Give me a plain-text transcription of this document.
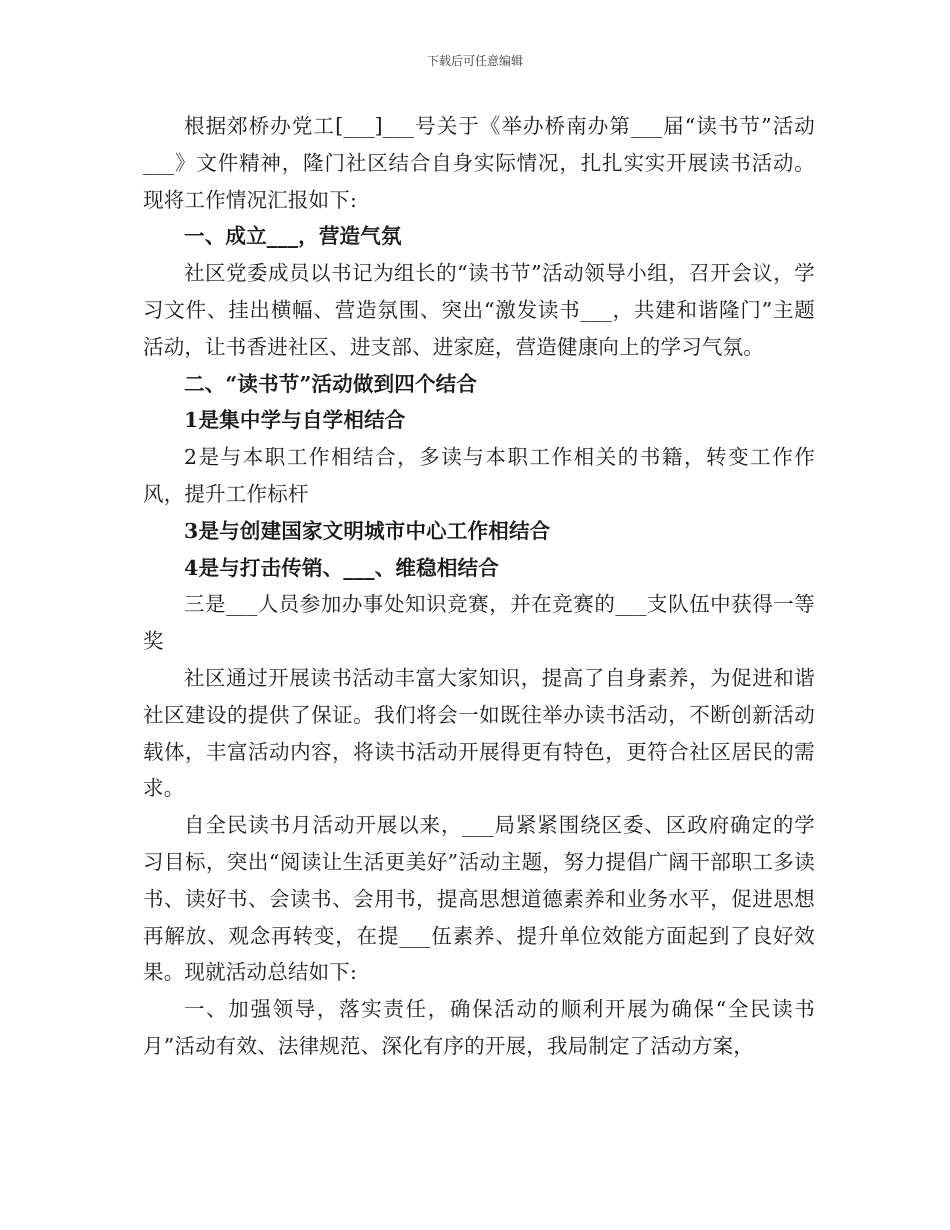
下载后可任意编辑

根据郊桥办党工[___]___号关于《举办桥南办第___届“读书节”活动___》文件精神，隆门社区结合自身实际情况，扎扎实实开展读书活动。现将工作情况汇报如下:

一、成立___，营造气氛

社区党委成员以书记为组长的“读书节”活动领导小组，召开会议，学习文件、挂出横幅、营造氛围、突出“激发读书___，共建和谐隆门”主题活动，让书香进社区、进支部、进家庭，营造健康向上的学习气氛。

二、“读书节”活动做到四个结合

1是集中学与自学相结合

2是与本职工作相结合，多读与本职工作相关的书籍，转变工作作风，提升工作标杆

3是与创建国家文明城市中心工作相结合

4是与打击传销、___、维稳相结合

三是___人员参加办事处知识竞赛，并在竞赛的___支队伍中获得一等奖

社区通过开展读书活动丰富大家知识，提高了自身素养，为促进和谐社区建设的提供了保证。我们将会一如既往举办读书活动，不断创新活动载体，丰富活动内容，将读书活动开展得更有特色，更符合社区居民的需求。

自全民读书月活动开展以来，___局紧紧围绕区委、区政府确定的学习目标，突出“阅读让生活更美好”活动主题，努力提倡广阔干部职工多读书、读好书、会读书、会用书，提高思想道德素养和业务水平，促进思想再解放、观念再转变，在提___伍素养、提升单位效能方面起到了良好效果。现就活动总结如下:

一、加强领导，落实责任，确保活动的顺利开展为确保“全民读书月”活动有效、法律规范、深化有序的开展，我局制定了活动方案，
